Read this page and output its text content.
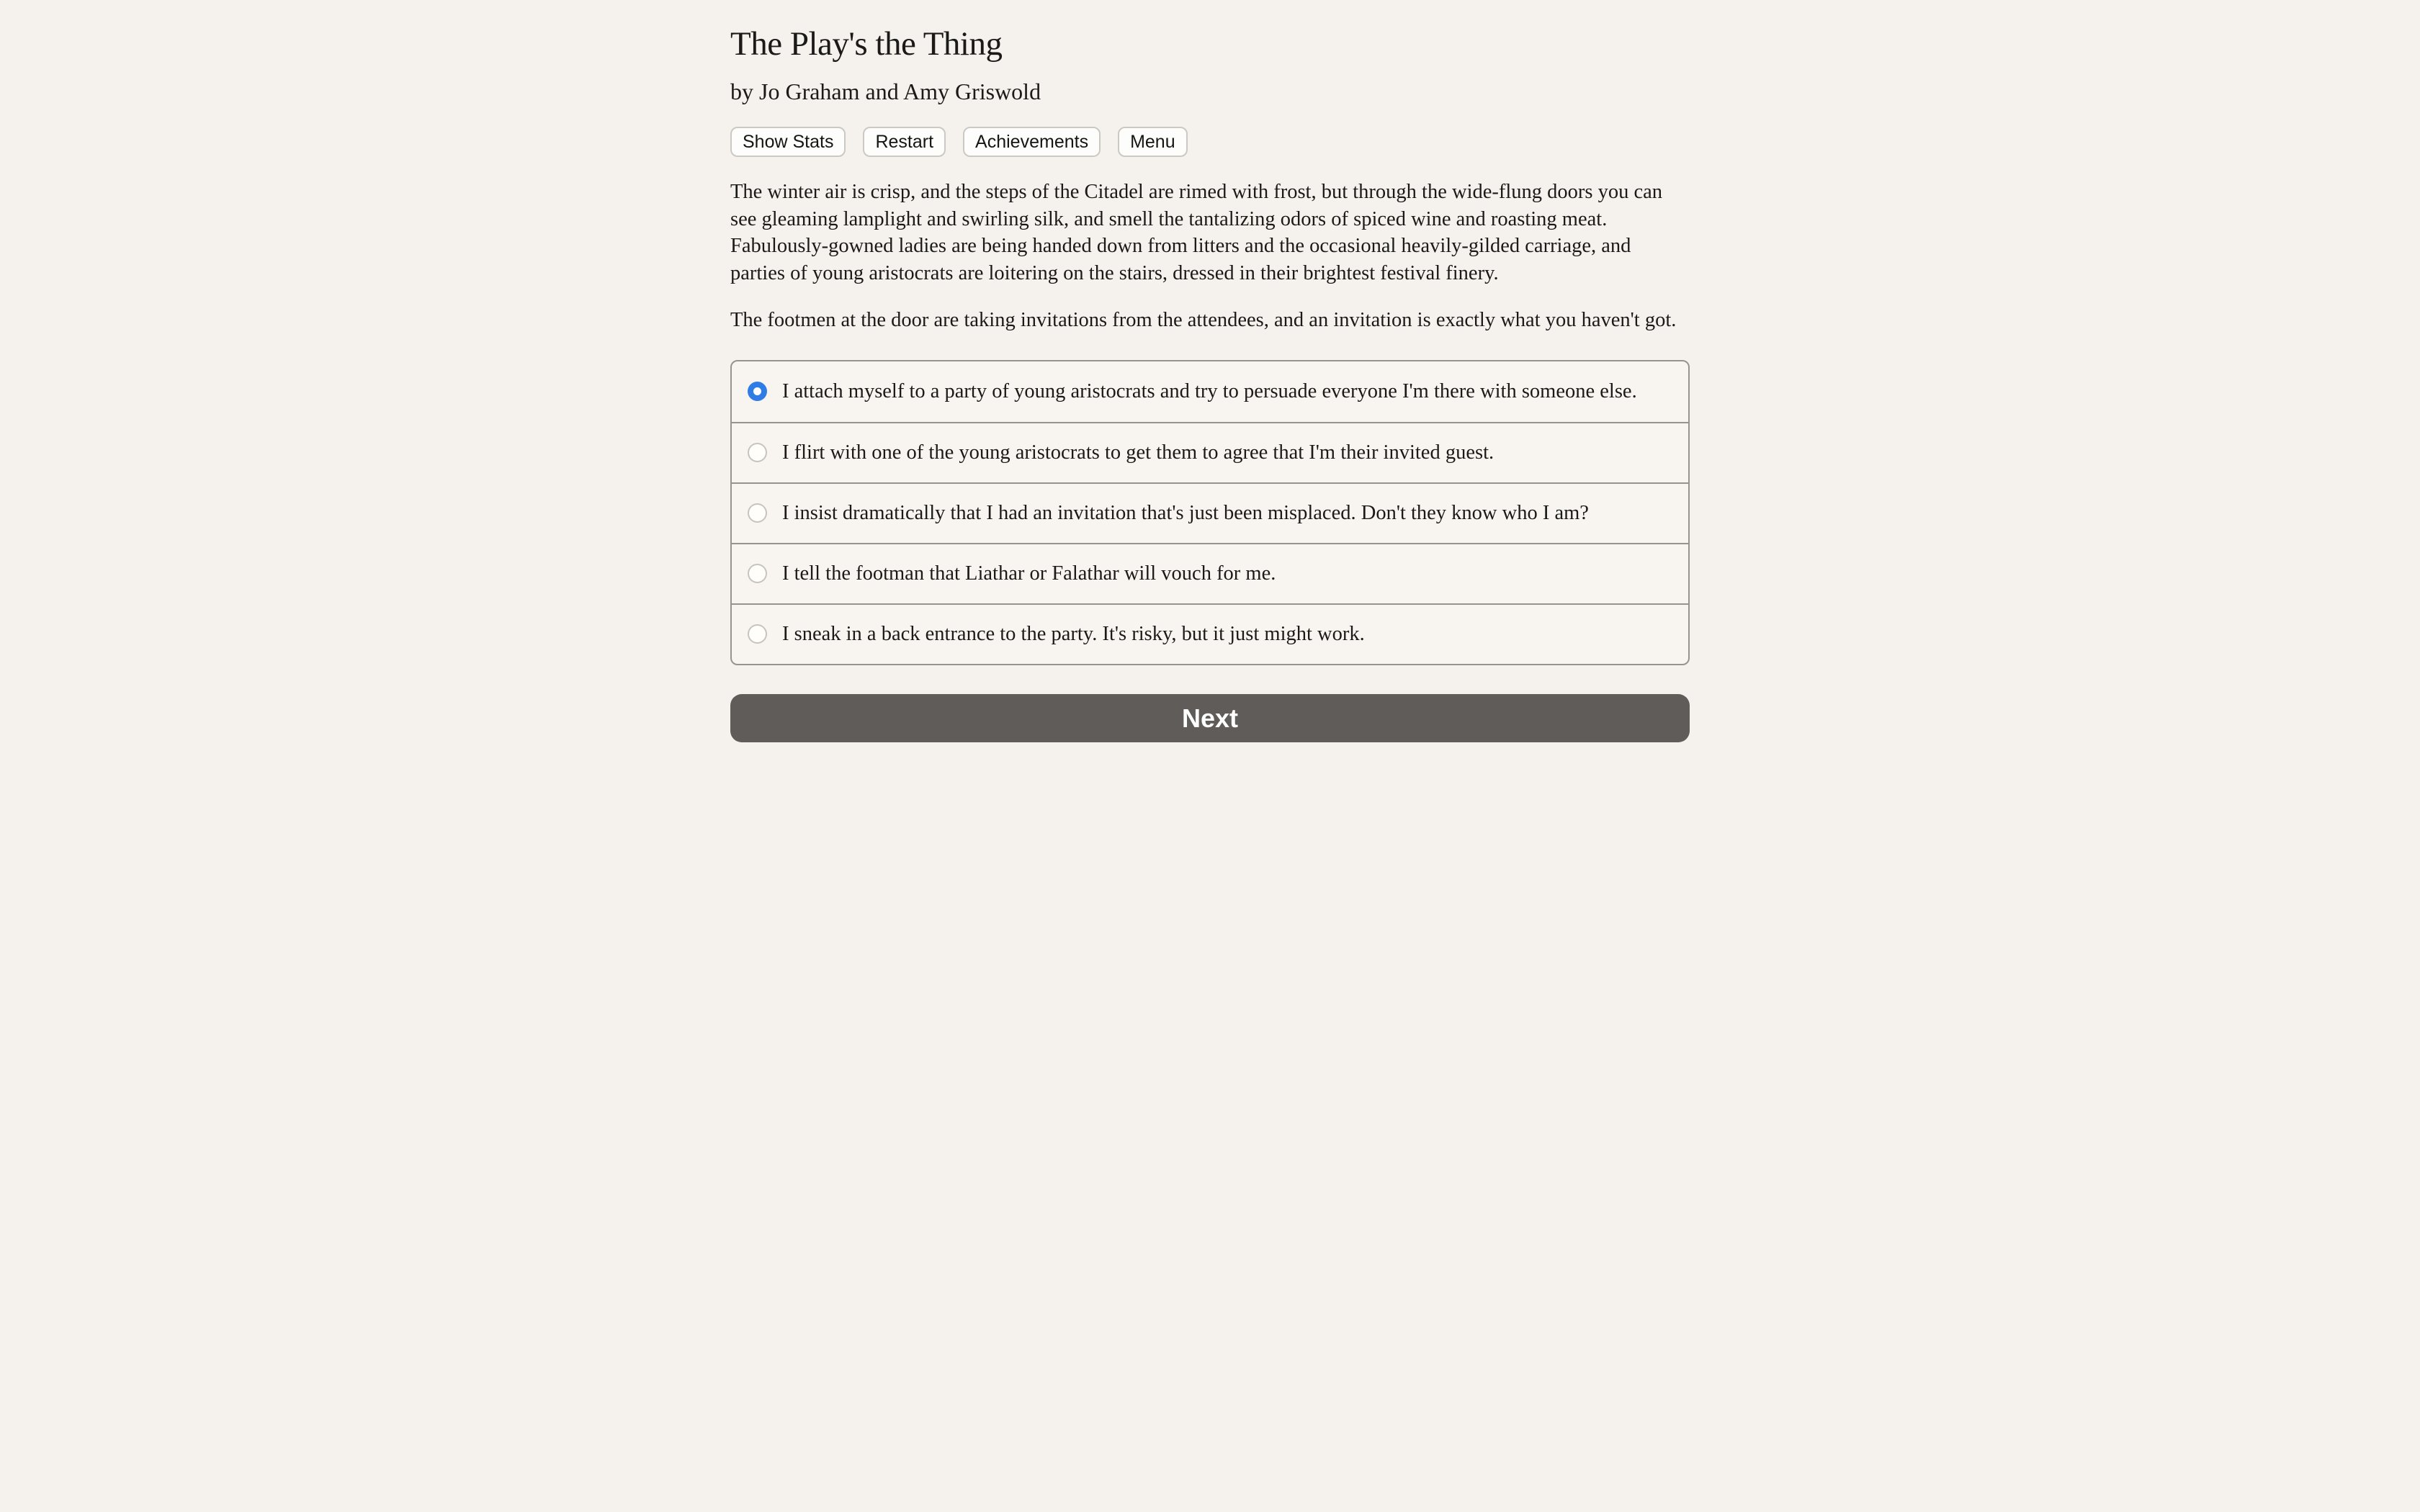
The Play's the Thing

by Jo Graham and Amy Griswold

Show Stats	Restart	Achievements	Menu

The winter air is crisp, and the steps of the Citadel are rimed with frost, but through the wide-flung doors you can see gleaming lamplight and swirling silk, and smell the tantalizing odors of spiced wine and roasting meat. Fabulously-gowned ladies are being handed down from litters and the occasional heavily-gilded carriage, and parties of young aristocrats are loitering on the stairs, dressed in their brightest festival finery.

The footmen at the door are taking invitations from the attendees, and an invitation is exactly what you haven't got.

I attach myself to a party of young aristocrats and try to persuade everyone I'm there with someone else.
I flirt with one of the young aristocrats to get them to agree that I'm their invited guest.
I insist dramatically that I had an invitation that's just been misplaced. Don't they know who I am?
I tell the footman that Liathar or Falathar will vouch for me.
I sneak in a back entrance to the party. It's risky, but it just might work.
Next
